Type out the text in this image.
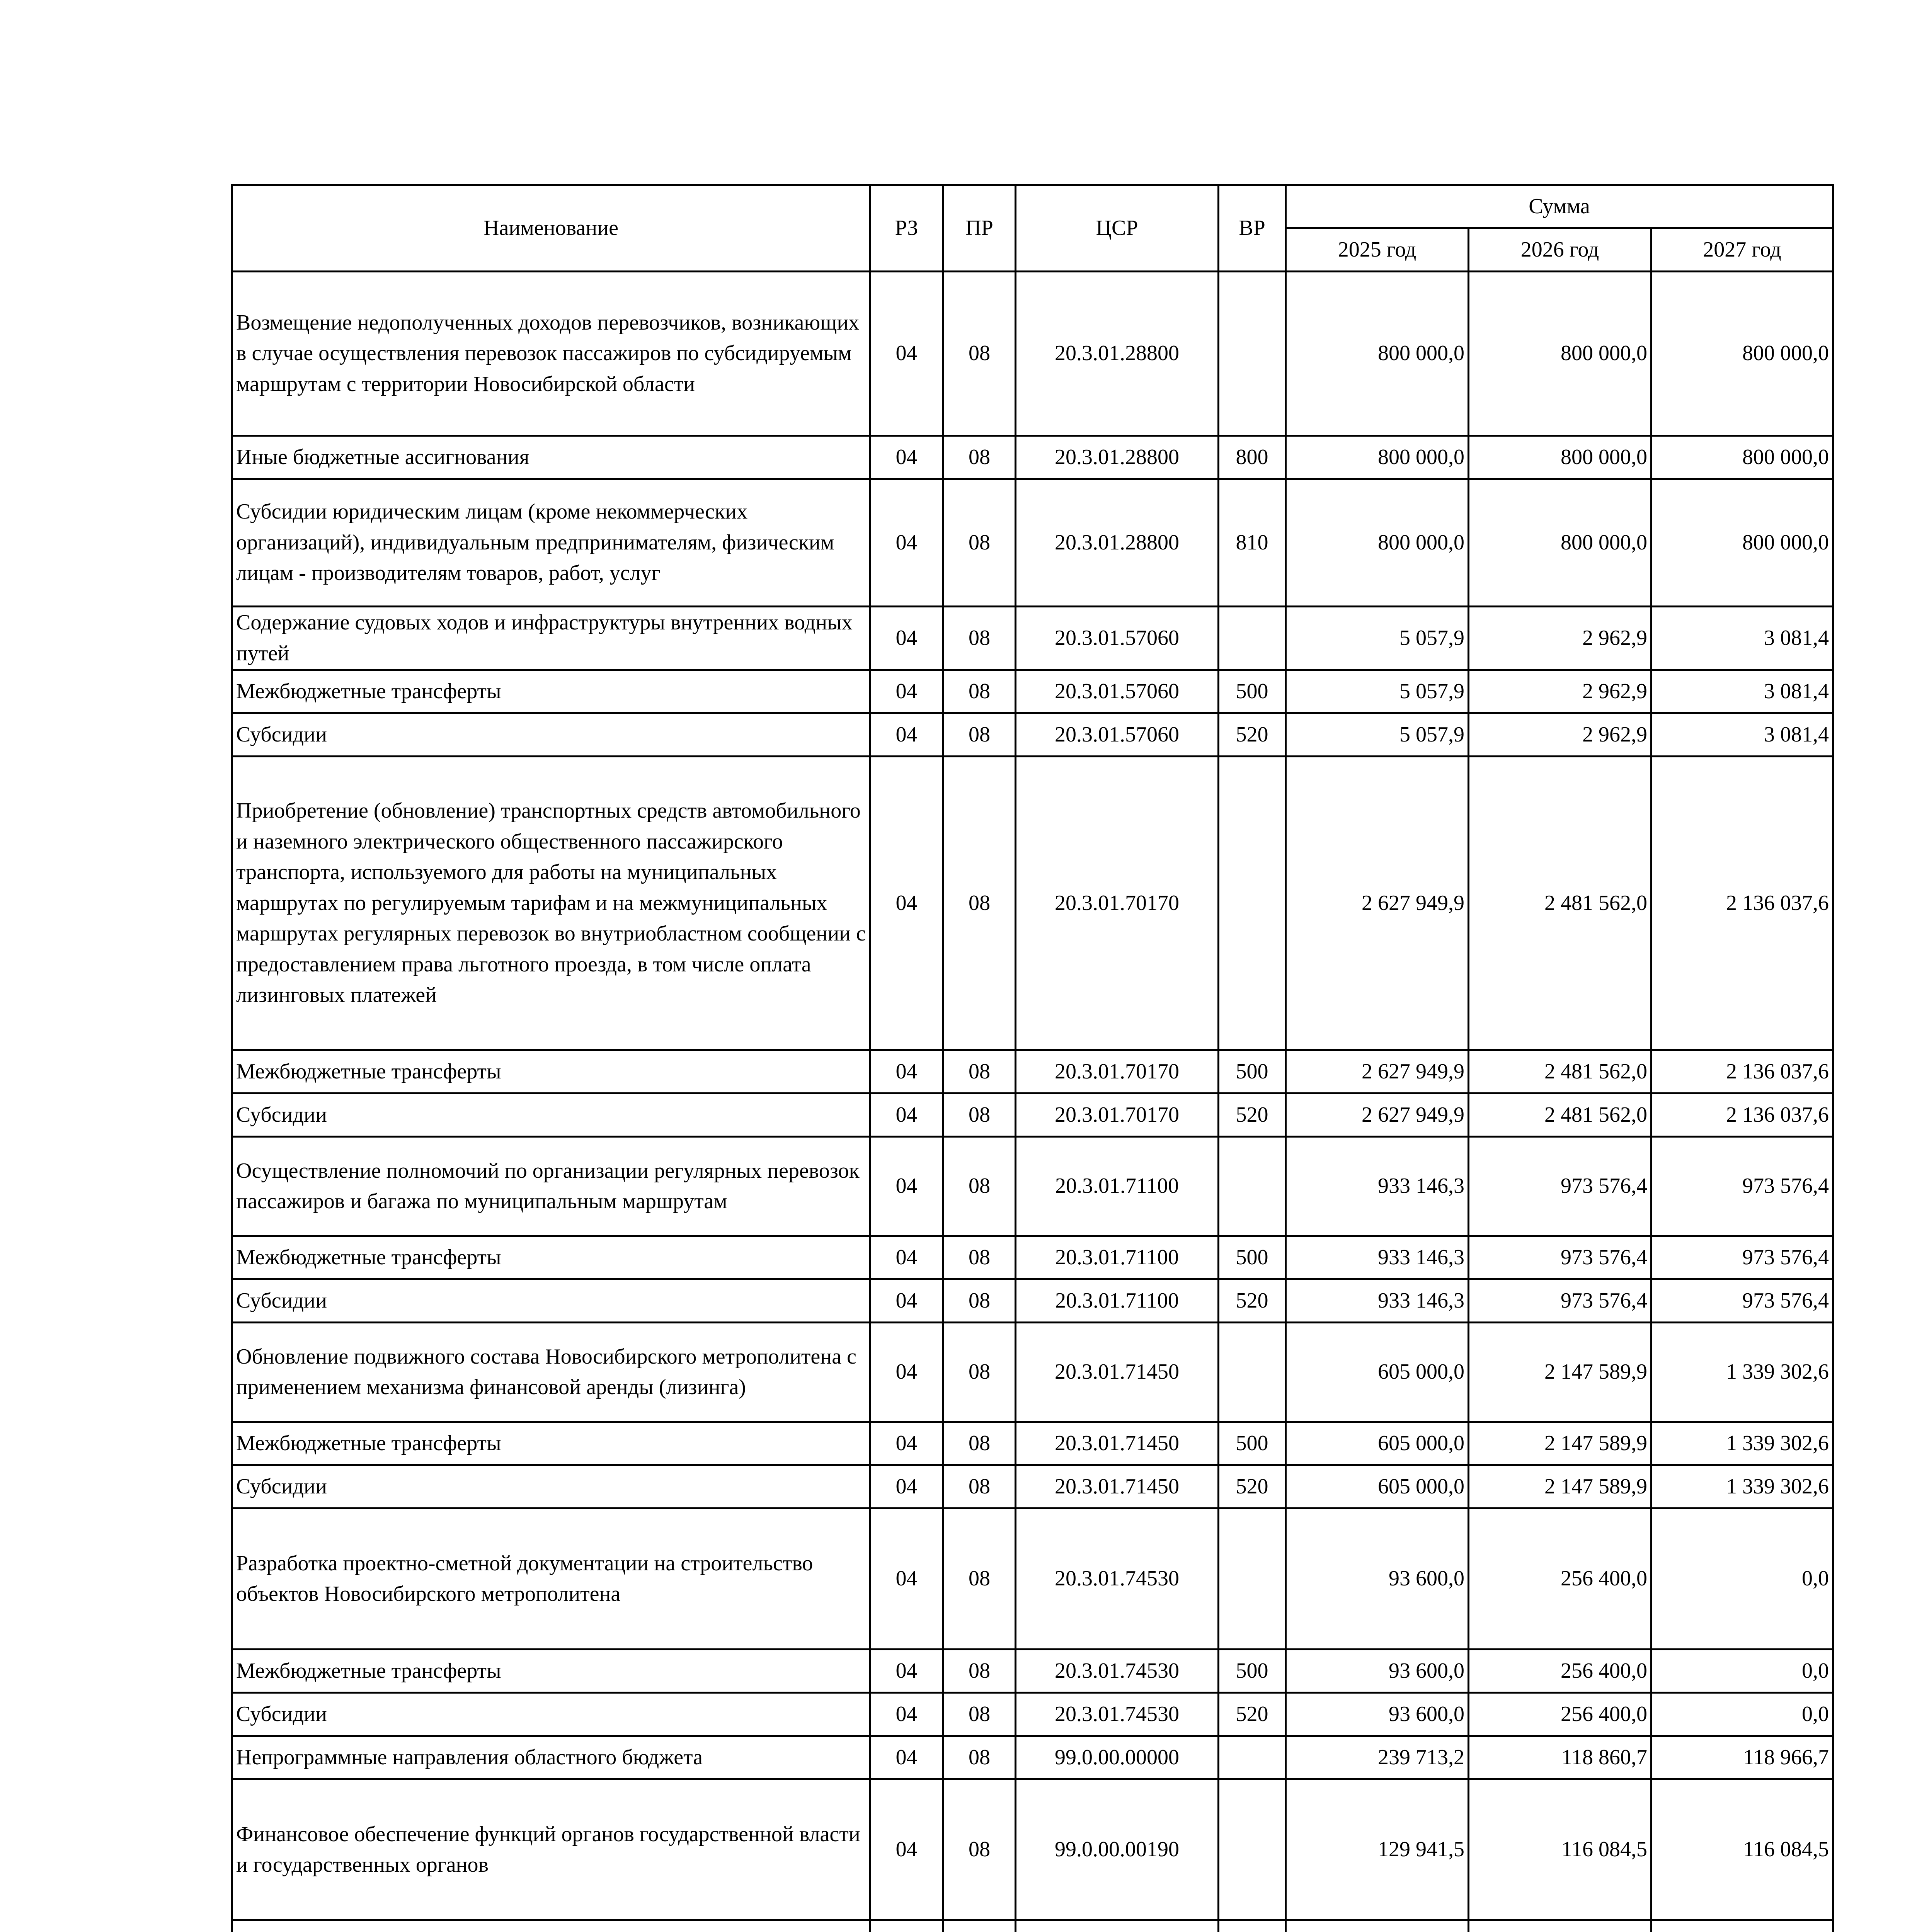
Наименование	РЗ	ПР	ЦСР	ВР	Сумма		
					2025 год	2026 год	2027 год
Возмещение недополученных доходов перевозчиков, возникающих в случае осуществления перевозок пассажиров по субсидируемым маршрутам с территории Новосибирской области	04	08	20.3.01.28800		800 000,0	800 000,0	800 000,0
Иные бюджетные ассигнования	04	08	20.3.01.28800	800	800 000,0	800 000,0	800 000,0
Субсидии юридическим лицам (кроме некоммерческих организаций), индивидуальным предпринимателям, физическим лицам - производителям товаров, работ, услуг	04	08	20.3.01.28800	810	800 000,0	800 000,0	800 000,0
Содержание судовых ходов и инфраструктуры внутренних водных путей	04	08	20.3.01.57060		5 057,9	2 962,9	3 081,4
Межбюджетные трансферты	04	08	20.3.01.57060	500	5 057,9	2 962,9	3 081,4
Субсидии	04	08	20.3.01.57060	520	5 057,9	2 962,9	3 081,4
Приобретение (обновление) транспортных средств автомобильного и наземного электрического общественного пассажирского транспорта, используемого для работы на муниципальных маршрутах по регулируемым тарифам и на межмуниципальных маршрутах регулярных перевозок во внутриобластном сообщении с предоставлением права льготного проезда, в том числе оплата лизинговых платежей	04	08	20.3.01.70170		2 627 949,9	2 481 562,0	2 136 037,6
Межбюджетные трансферты	04	08	20.3.01.70170	500	2 627 949,9	2 481 562,0	2 136 037,6
Субсидии	04	08	20.3.01.70170	520	2 627 949,9	2 481 562,0	2 136 037,6
Осуществление полномочий по организации регулярных перевозок пассажиров и багажа по муниципальным маршрутам	04	08	20.3.01.71100		933 146,3	973 576,4	973 576,4
Межбюджетные трансферты	04	08	20.3.01.71100	500	933 146,3	973 576,4	973 576,4
Субсидии	04	08	20.3.01.71100	520	933 146,3	973 576,4	973 576,4
Обновление подвижного состава Новосибирского метрополитена с применением механизма финансовой аренды (лизинга)	04	08	20.3.01.71450		605 000,0	2 147 589,9	1 339 302,6
Межбюджетные трансферты	04	08	20.3.01.71450	500	605 000,0	2 147 589,9	1 339 302,6
Субсидии	04	08	20.3.01.71450	520	605 000,0	2 147 589,9	1 339 302,6
Разработка проектно-сметной документации на строительство объектов Новосибирского метрополитена	04	08	20.3.01.74530		93 600,0	256 400,0	0,0
Межбюджетные трансферты	04	08	20.3.01.74530	500	93 600,0	256 400,0	0,0
Субсидии	04	08	20.3.01.74530	520	93 600,0	256 400,0	0,0
Непрограммные направления областного бюджета	04	08	99.0.00.00000		239 713,2	118 860,7	118 966,7
Финансовое обеспечение функций органов государственной власти и государственных органов	04	08	99.0.00.00190		129 941,5	116 084,5	116 084,5
